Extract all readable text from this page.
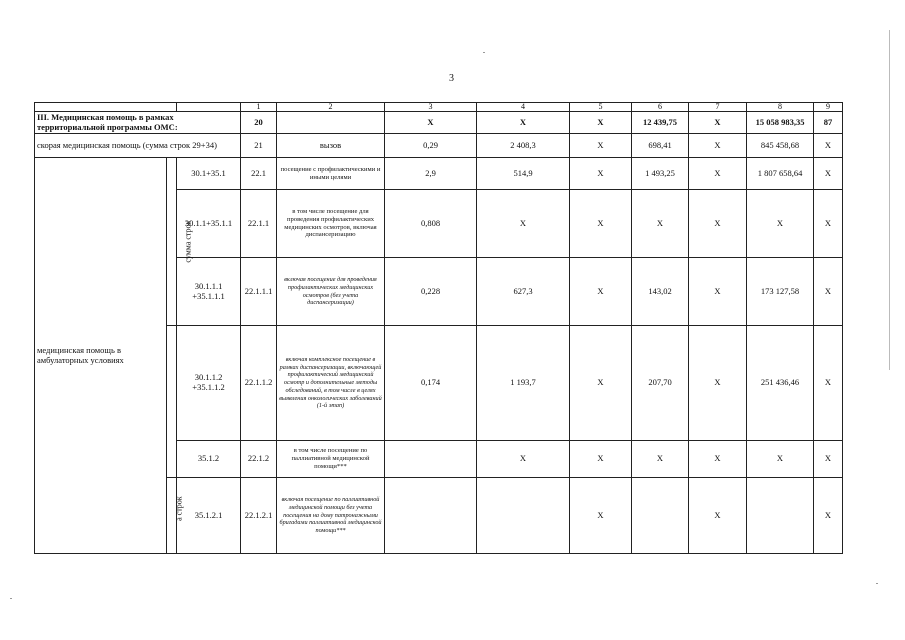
3
			1	2	3	4	5	6	7	8	9
III. Медицинская помощь в рамках территориальной программы ОМС:			20		X	X	X	12 439,75	X	15 058 983,35	87
скорая медицинская помощь (сумма строк 29+34)			21	вызов	0,29	2 408,3	X	698,41	X	845 458,68	X
медицинская помощь в амбулаторных условиях	сумма строк	30.1+35.1	22.1	посещение с профилактическими и иными целями	2,9	514,9	X	1 493,25	X	1 807 658,64	X
		30.1.1+35.1.1	22.1.1	в том числе посещение для проведения профилактических медицинских осмотров, включая диспансеризацию	0,808	X	X	X	X	X	X
		30.1.1.1 +35.1.1.1	22.1.1.1	включая посещение для проведения профилактических медицинских осмотров (без учета диспансеризации)	0,228	627,3	X	143,02	X	173 127,58	X
		30.1.1.2 +35.1.1.2	22.1.1.2	включая комплексное посещение в рамках диспансеризации, включающей профилактический медицинский осмотр и дополнительные методы обследований, в том числе в целях выявления онкологических заболеваний (1-й этап)	0,174	1 193,7	X	207,70	X	251 436,46	X
		35.1.2	22.1.2	в том числе посещение по паллиативной медицинской помощи***		X	X	X	X	X	X
	а строк	35.1.2.1	22.1.2.1	включая посещение по паллиативной медицинской помощи без учета посещения на дому патронажными бригадами паллиативной медицинской помощи***			X		X		X
